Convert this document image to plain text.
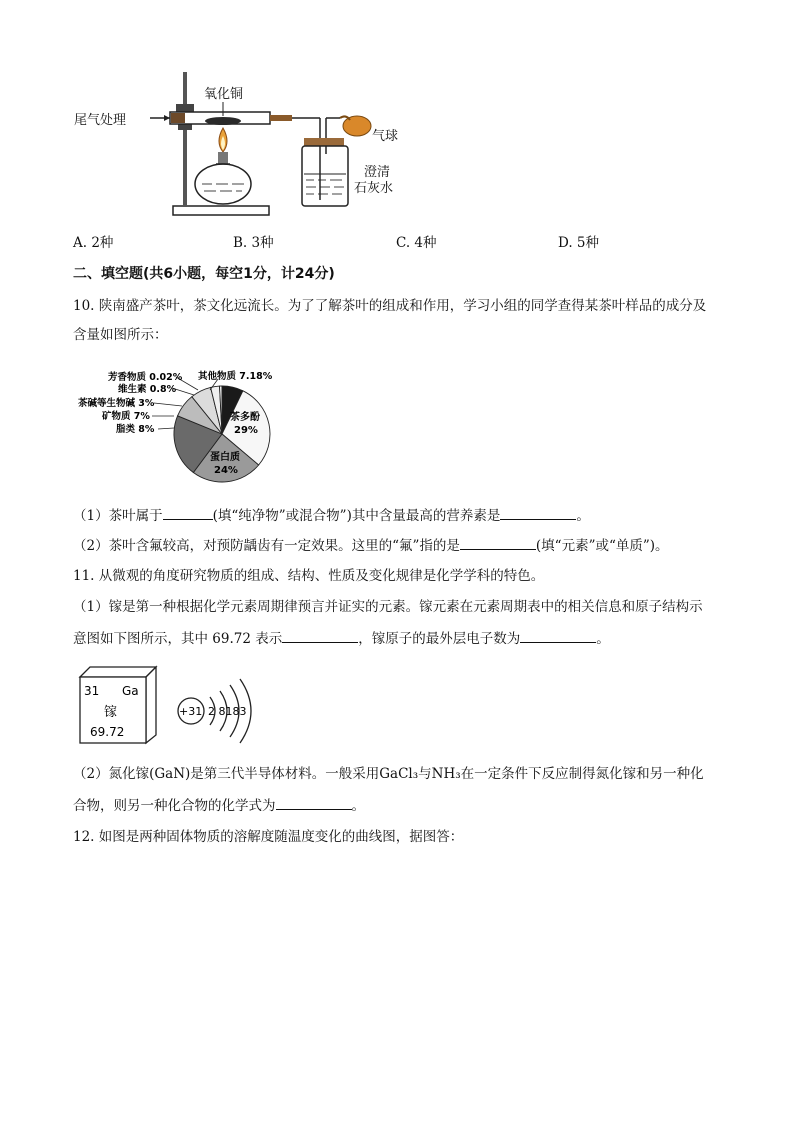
氧化铜
尾气处理
气球
澄清
石灰水
A. 2种	B. 3种	C. 4种	D. 5种
二、填空题(共6小题，每空1分，计24分)
10. 陕南盛产茶叶，茶文化远流长。为了了解茶叶的组成和作用，学习小组的同学查得某茶叶样品的成分及
含量如图所示：
芳香物质 0.02%
维生素 0.8%
茶碱等生物碱 3%
矿物质 7%
脂类 8%
其他物质 7.18%
茶多酚
29%
蛋白质
24%
（1）茶叶属于	(填“纯净物”或混合物”)其中含量最高的营养素是	。
（2）茶叶含氟较高，对预防龋齿有一定效果。这里的“氟”指的是	(填“元素”或“单质”)。
11. 从微观的角度研究物质的组成、结构、性质及变化规律是化学学科的特色。
（1）镓是第一种根据化学元素周期律预言并证实的元素。镓元素在元素周期表中的相关信息和原子结构示
意图如下图所示，其中 69.72 表示	，镓原子的最外层电子数为	。
31 Ga
镓
69.72
+31 2 8183
（2）氮化镓(GaN)是第三代半导体材料。一般采用GaCl₃与NH₃在一定条件下反应制得氮化镓和另一种化
合物，则另一种化合物的化学式为	。
12. 如图是两种固体物质的溶解度随温度变化的曲线图，据图答：
